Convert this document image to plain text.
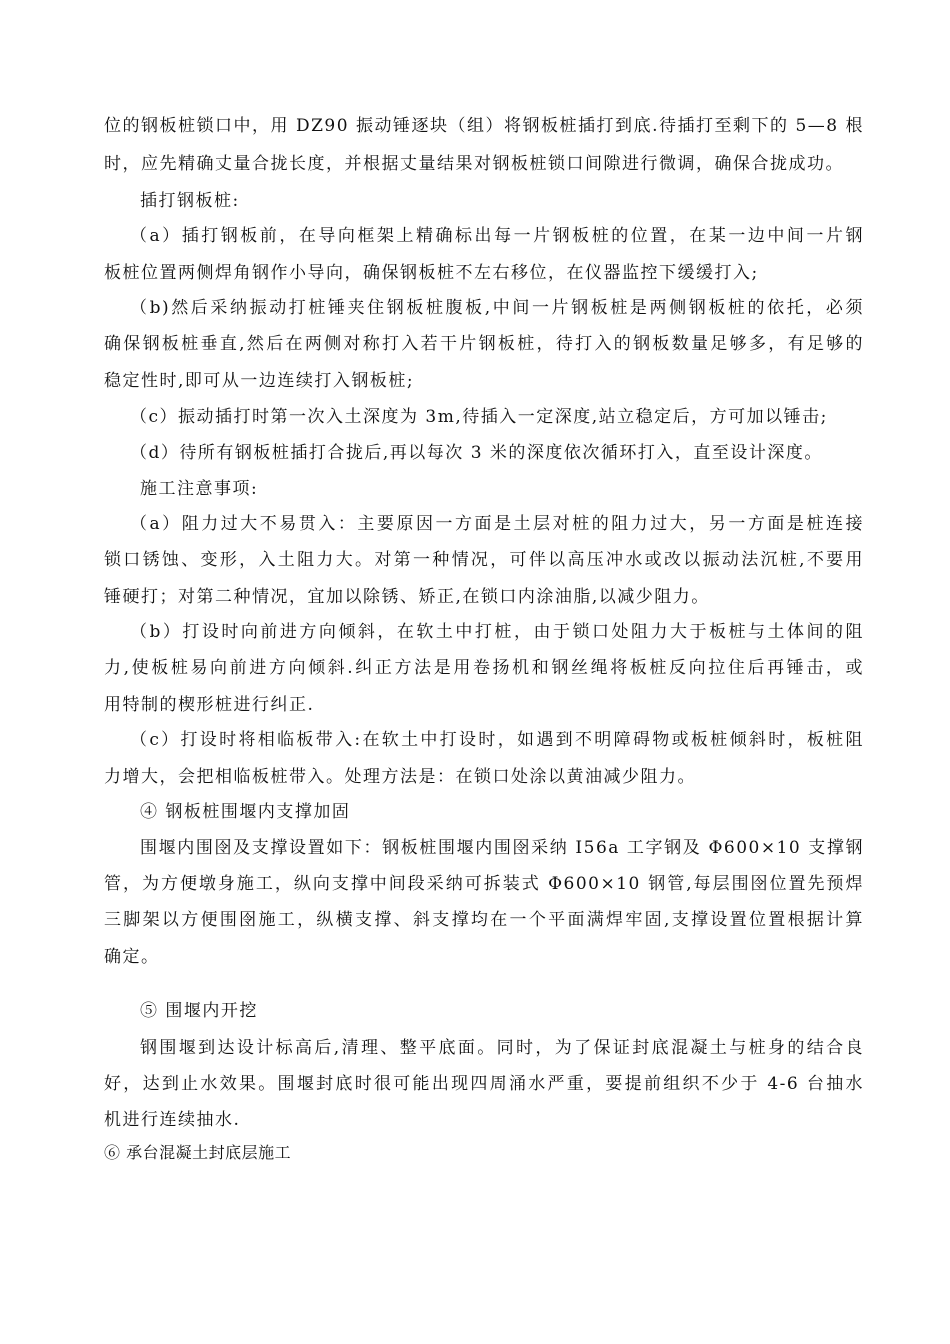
位的钢板桩锁口中，用 DZ90 振动锤逐块（组）将钢板桩插打到底.待插打至剩下的 5—8 根
时，应先精确丈量合拢长度，并根据丈量结果对钢板桩锁口间隙进行微调，确保合拢成功。
插打钢板桩:
（a）插打钢板前，在导向框架上精确标出每一片钢板桩的位置，在某一边中间一片钢
板桩位置两侧焊角钢作小导向，确保钢板桩不左右移位，在仪器监控下缓缓打入;
（b)然后采纳振动打桩锤夹住钢板桩腹板,中间一片钢板桩是两侧钢板桩的依托，必须
确保钢板桩垂直,然后在两侧对称打入若干片钢板桩，待打入的钢板数量足够多，有足够的
稳定性时,即可从一边连续打入钢板桩;
（c）振动插打时第一次入土深度为 3m,待插入一定深度,站立稳定后，方可加以锤击;
（d）待所有钢板桩插打合拢后,再以每次 3 米的深度依次循环打入，直至设计深度。
施工注意事项:
（a）阻力过大不易贯入：主要原因一方面是土层对桩的阻力过大，另一方面是桩连接
锁口锈蚀、变形，入土阻力大。对第一种情况，可伴以高压冲水或改以振动法沉桩,不要用
锤硬打；对第二种情况，宜加以除锈、矫正,在锁口内涂油脂,以减少阻力。
（b）打设时向前进方向倾斜，在软土中打桩，由于锁口处阻力大于板桩与土体间的阻
力,使板桩易向前进方向倾斜.纠正方法是用卷扬机和钢丝绳将板桩反向拉住后再锤击，或
用特制的楔形桩进行纠正.
（c）打设时将相临板带入:在软土中打设时，如遇到不明障碍物或板桩倾斜时，板桩阻
力增大，会把相临板桩带入。处理方法是：在锁口处涂以黄油减少阻力。
④ 钢板桩围堰内支撑加固
围堰内围囹及支撑设置如下：钢板桩围堰内围囹采纳 I56a 工字钢及 Φ600×10 支撑钢
管，为方便墩身施工，纵向支撑中间段采纳可拆装式 Φ600×10 钢管,每层围囹位置先预焊
三脚架以方便围囹施工，纵横支撑、斜支撑均在一个平面满焊牢固,支撑设置位置根据计算
确定。
⑤ 围堰内开挖
钢围堰到达设计标高后,清理、整平底面。同时，为了保证封底混凝土与桩身的结合良
好，达到止水效果。围堰封底时很可能出现四周涌水严重，要提前组织不少于 4-6 台抽水
机进行连续抽水.
⑥ 承台混凝土封底层施工
